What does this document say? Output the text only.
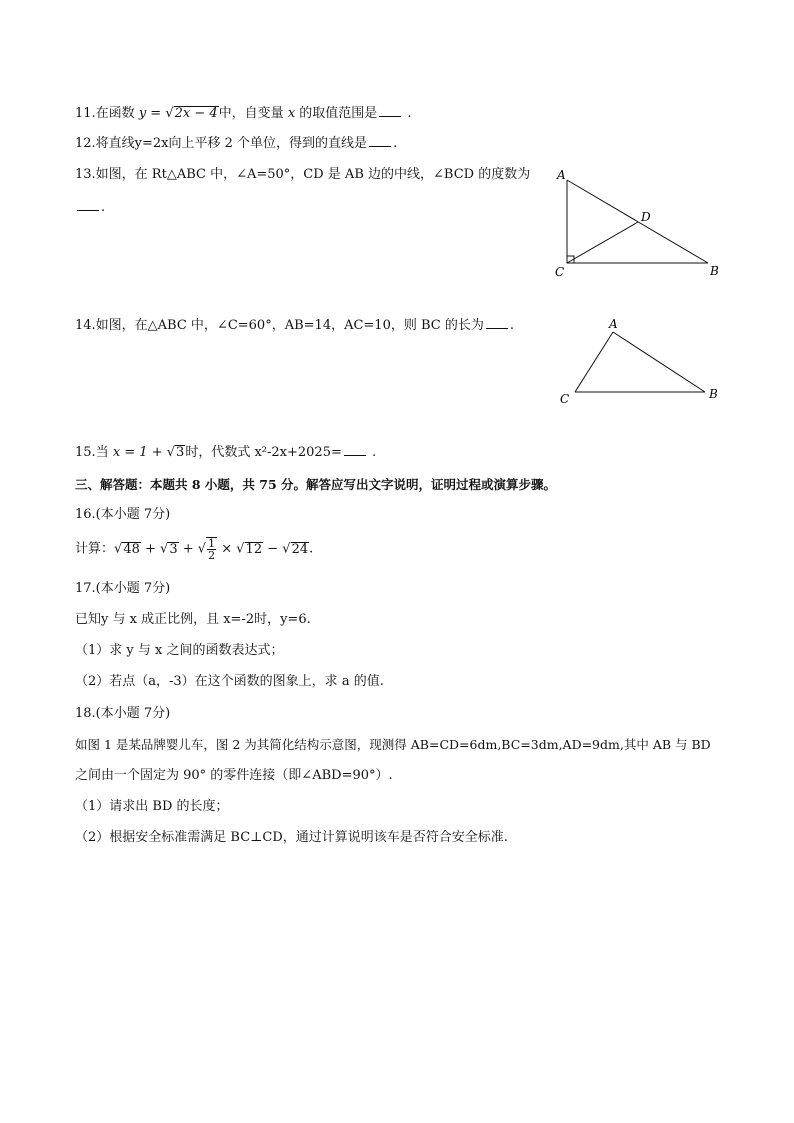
11.在函数 y = √2x − 4中，自变量 x 的取值范围是 .
12.将直线y=2x向上平移 2 个单位，得到的直线是 .
13.如图，在 Rt△ABC 中，∠A=50°，CD 是 AB 边的中线，∠BCD 的度数为
.
A
D
C	B
14.如图，在△ABC 中，∠C=60°，AB=14，AC=10，则 BC 的长为 .	A
C	B
15.当 x = 1 + √3时，代数式 x²-2x+2025= .
三、解答题：本题共 8 小题，共 75 分。解答应写出文字说明，证明过程或演算步骤。
16.(本小题 7分)
计算：√48 + √3 + √ $\frac{1}{2} \times √12 - √24$.
17.(本小题 7分)
已知y 与 x 成正比例，且 x=-2时，y=6.
（1）求 y 与 x 之间的函数表达式；
（2）若点（a，-3）在这个函数的图象上，求 a 的值.
18.(本小题 7分)
如图 1 是某品牌婴儿车，图 2 为其简化结构示意图，现测得 AB=CD=6dm,BC=3dm,AD=9dm,其中 AB 与 BD
之间由一个固定为 90° 的零件连接（即∠ABD=90°）.
（1）请求出 BD 的长度；
（2）根据安全标准需满足 BC⊥CD，通过计算说明该车是否符合安全标准.
